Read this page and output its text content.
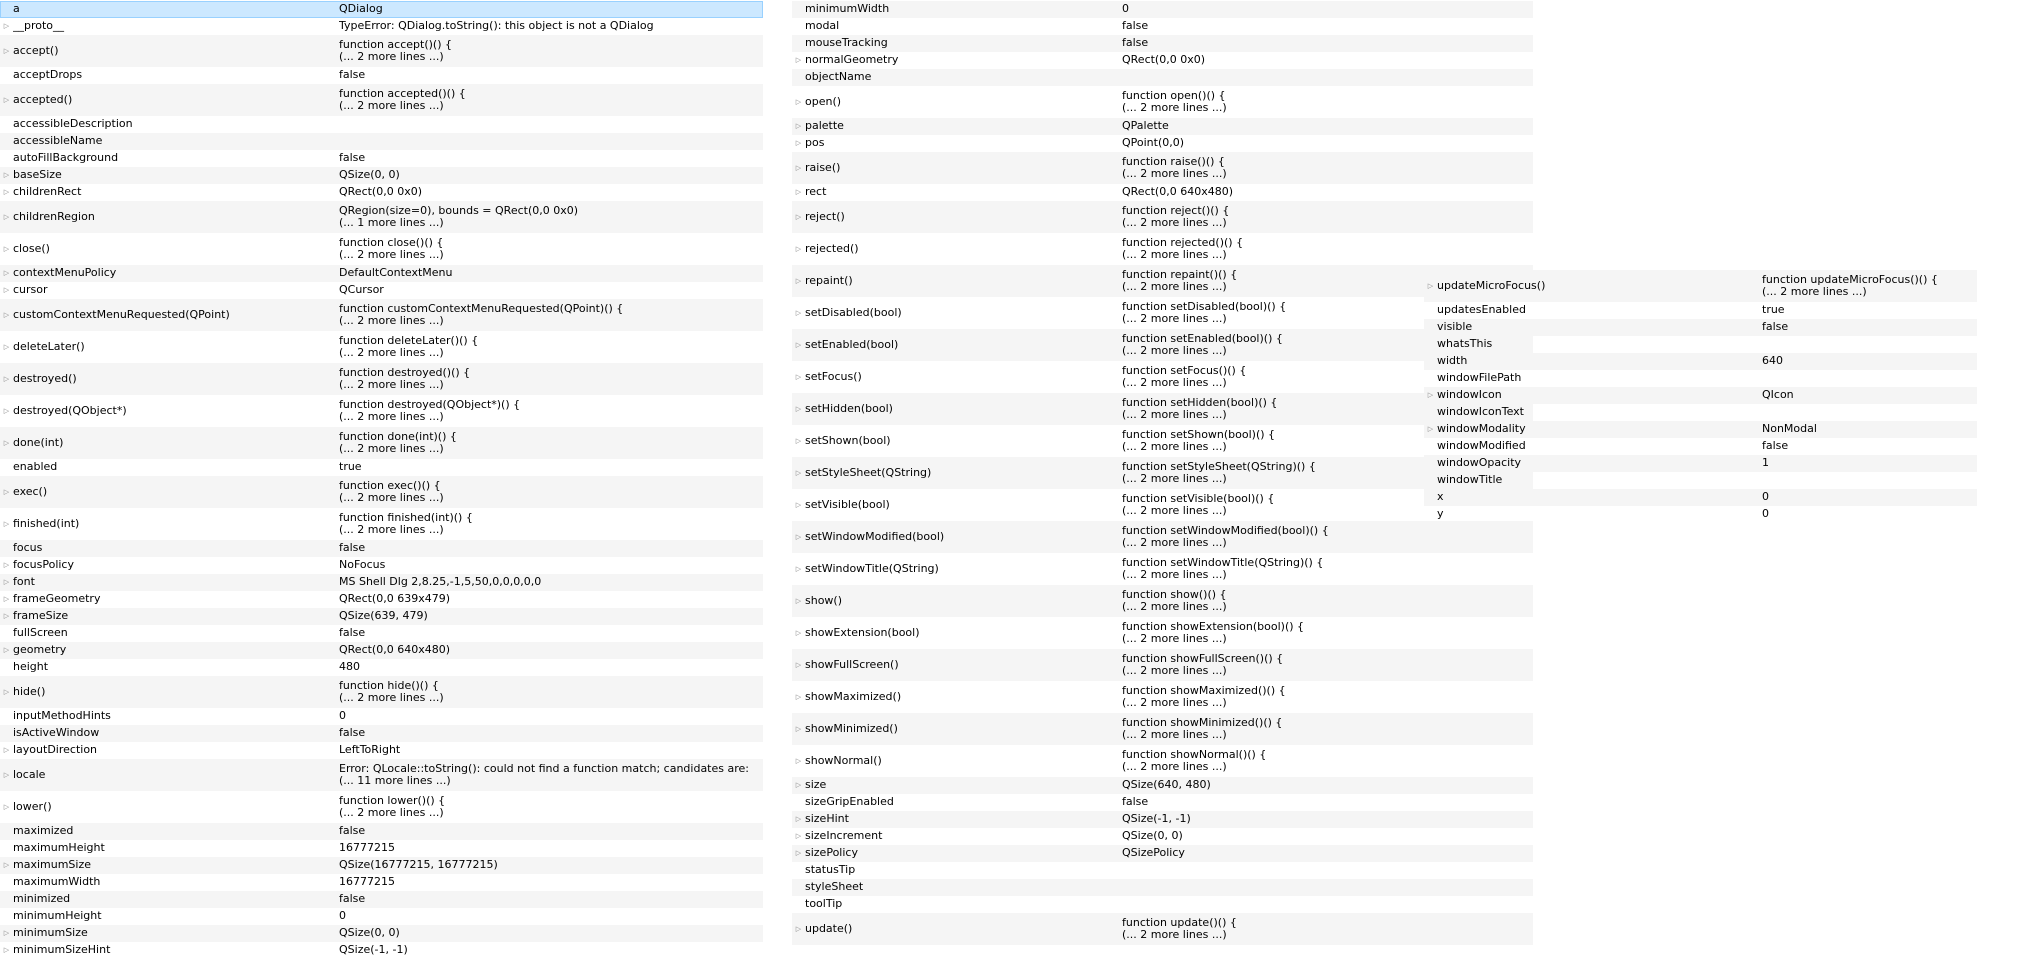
a	QDialog
▷ __proto__	TypeError: QDialog.toString(): this object is not a QDialog
▷ accept()	function accept()() {
(... 2 more lines ...)
acceptDrops	false
▷ accepted()	function accepted()() {
(... 2 more lines ...)
accessibleDescription
accessibleName
autoFillBackground	false
▷ baseSize	QSize(0, 0)
▷ childrenRect	QRect(0,0 0x0)
▷ childrenRegion	QRegion(size=0), bounds = QRect(0,0 0x0)
(... 1 more lines ...)
▷ close()	function close()() {
(... 2 more lines ...)
▷ contextMenuPolicy	DefaultContextMenu
▷ cursor	QCursor
▷ customContextMenuRequested(QPoint)	function customContextMenuRequested(QPoint)() {
(... 2 more lines ...)
▷ deleteLater()	function deleteLater()() {
(... 2 more lines ...)
▷ destroyed()	function destroyed()() {
(... 2 more lines ...)
▷ destroyed(QObject*)	function destroyed(QObject*)() {
(... 2 more lines ...)
▷ done(int)	function done(int)() {
(... 2 more lines ...)
enabled	true
▷ exec()	function exec()() {
(... 2 more lines ...)
▷ finished(int)	function finished(int)() {
(... 2 more lines ...)
focus	false
▷ focusPolicy	NoFocus
▷ font	MS Shell Dlg 2,8.25,-1,5,50,0,0,0,0,0
▷ frameGeometry	QRect(0,0 639x479)
▷ frameSize	QSize(639, 479)
fullScreen	false
▷ geometry	QRect(0,0 640x480)
height	480
▷ hide()	function hide()() {
(... 2 more lines ...)
inputMethodHints	0
isActiveWindow	false
▷ layoutDirection	LeftToRight
▷ locale	Error: QLocale::toString(): could not find a function match; candidates are:
(... 11 more lines ...)
▷ lower()	function lower()() {
(... 2 more lines ...)
maximized	false
maximumHeight	16777215
▷ maximumSize	QSize(16777215, 16777215)
maximumWidth	16777215
minimized	false
minimumHeight	0
▷ minimumSize	QSize(0, 0)
▷ minimumSizeHint	QSize(-1, -1)
minimumWidth	0
modal	false
mouseTracking	false
▷ normalGeometry	QRect(0,0 0x0)
objectName
▷ open()	function open()() {
(... 2 more lines ...)
▷ palette	QPalette
▷ pos	QPoint(0,0)
▷ raise()	function raise()() {
(... 2 more lines ...)
▷ rect	QRect(0,0 640x480)
▷ reject()	function reject()() {
(... 2 more lines ...)
▷ rejected()	function rejected()() {
(... 2 more lines ...)
▷ repaint()	function repaint()() {
(... 2 more lines ...)
▷ setDisabled(bool)	function setDisabled(bool)() {
(... 2 more lines ...)
▷ setEnabled(bool)	function setEnabled(bool)() {
(... 2 more lines ...)
▷ setFocus()	function setFocus()() {
(... 2 more lines ...)
▷ setHidden(bool)	function setHidden(bool)() {
(... 2 more lines ...)
▷ setShown(bool)	function setShown(bool)() {
(... 2 more lines ...)
▷ setStyleSheet(QString)	function setStyleSheet(QString)() {
(... 2 more lines ...)
▷ setVisible(bool)	function setVisible(bool)() {
(... 2 more lines ...)
▷ setWindowModified(bool)	function setWindowModified(bool)() {
(... 2 more lines ...)
▷ setWindowTitle(QString)	function setWindowTitle(QString)() {
(... 2 more lines ...)
▷ show()	function show()() {
(... 2 more lines ...)
▷ showExtension(bool)	function showExtension(bool)() {
(... 2 more lines ...)
▷ showFullScreen()	function showFullScreen()() {
(... 2 more lines ...)
▷ showMaximized()	function showMaximized()() {
(... 2 more lines ...)
▷ showMinimized()	function showMinimized()() {
(... 2 more lines ...)
▷ showNormal()	function showNormal()() {
(... 2 more lines ...)
▷ size	QSize(640, 480)
sizeGripEnabled	false
▷ sizeHint	QSize(-1, -1)
▷ sizeIncrement	QSize(0, 0)
▷ sizePolicy	QSizePolicy
statusTip
styleSheet
toolTip
▷ update()	function update()() {
(... 2 more lines ...)
▷ updateMicroFocus()	function updateMicroFocus()() {
(... 2 more lines ...)
updatesEnabled	true
visible	false
whatsThis
width	640
windowFilePath
▷ windowIcon	QIcon
windowIconText
▷ windowModality	NonModal
windowModified	false
windowOpacity	1
windowTitle
x	0
y	0
